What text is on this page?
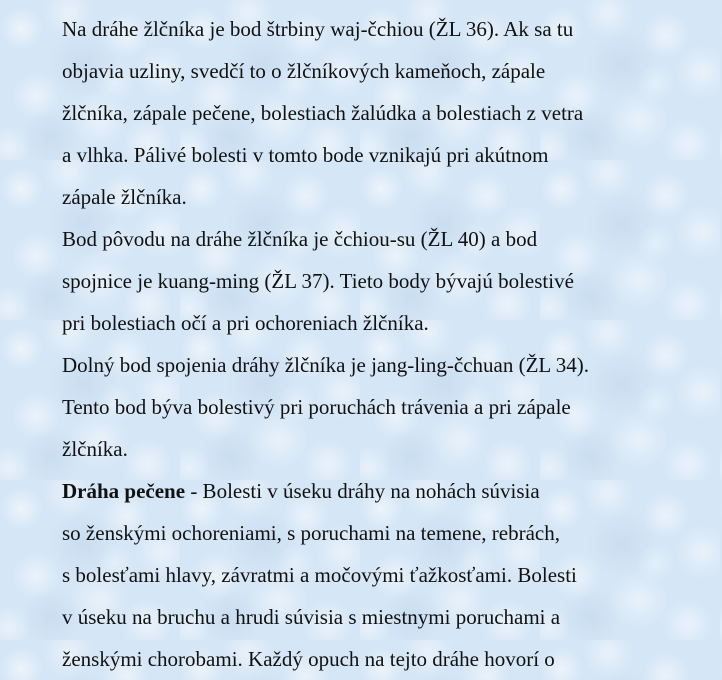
Na dráhe žlčníka je bod štrbiny waj-čchiou (ŽL 36). Ak sa tu
objavia uzliny, svedčí to o žlčníkových kameňoch, zápale
žlčníka, zápale pečene, bolestiach žalúdka a bolestiach z vetra
a vlhka. Pálivé bolesti v tomto bode vznikajú pri akútnom
zápale žlčníka.
Bod pôvodu na dráhe žlčníka je čchiou-su (ŽL 40) a bod
spojnice je kuang-ming (ŽL 37). Tieto body bývajú bolestivé
pri bolestiach očí a pri ochoreniach žlčníka.
Dolný bod spojenia dráhy žlčníka je jang-ling-čchuan (ŽL 34).
Tento bod býva bolestivý pri poruchách trávenia a pri zápale
žlčníka.
Dráha pečene - Bolesti v úseku dráhy na nohách súvisia
so ženskými ochoreniami, s poruchami na temene, rebrách,
s bolesťami hlavy, závratmi a močovými ťažkosťami. Bolesti
v úseku na bruchu a hrudi súvisia s miestnymi poruchami a
ženskými chorobami. Každý opuch na tejto dráhe hovorí o
